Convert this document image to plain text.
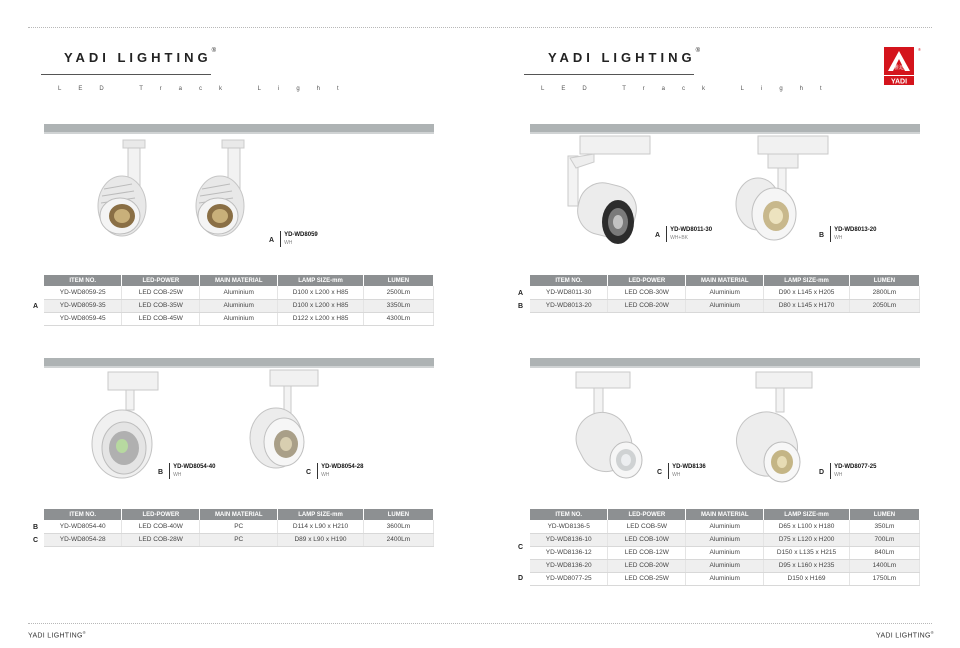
YADI LIGHTING®
LED Track Light
YADI LIGHTING®
LED Track Light
雅迪
YADI
®
A
YD-WD8059
WH
ITEM NO.	LED-POWER	MAIN MATERIAL	LAMP SIZE-mm	LUMEN
YD-WD8059-25	LED COB-25W	Aluminium	D100 x L200 x H85	2500Lm
YD-WD8059-35	LED COB-35W	Aluminium	D100 x L200 x H85	3350Lm
YD-WD8059-45	LED COB-45W	Aluminium	D122 x L200 x H85	4300Lm
A
A
YD-WD8011-30
WH+BK	B
YD-WD8013-20
WH
ITEM NO.	LED-POWER	MAIN MATERIAL	LAMP SIZE-mm	LUMEN
YD-WD8011-30	LED COB-30W	Aluminium	D90 x L145 x H205	2800Lm
YD-WD8013-20	LED COB-20W	Aluminium	D80 x L145 x H170	2050Lm
A
B
B
YD-WD8054-40
WH	C
YD-WD8054-28
WH
ITEM NO.	LED-POWER	MAIN MATERIAL	LAMP SIZE-mm	LUMEN
YD-WD8054-40	LED COB-40W	PC	D114 x L90 x H210	3600Lm
YD-WD8054-28	LED COB-28W	PC	D89 x L90 x H190	2400Lm
B
C
C
YD-WD8136
WH	D
YD-WD8077-25
WH
ITEM NO.	LED-POWER	MAIN MATERIAL	LAMP SIZE-mm	LUMEN
YD-WD8136-5	LED COB-5W	Aluminium	D65 x L100 x H180	350Lm
YD-WD8136-10	LED COB-10W	Aluminium	D75 x L120 x H200	700Lm
YD-WD8136-12	LED COB-12W	Aluminium	D150 x L135 x H215	840Lm
YD-WD8136-20	LED COB-20W	Aluminium	D95 x L160 x H235	1400Lm
YD-WD8077-25	LED COB-25W	Aluminium	D150 x H169	1750Lm
C
D
YADI LIGHTING®	YADI LIGHTING®
